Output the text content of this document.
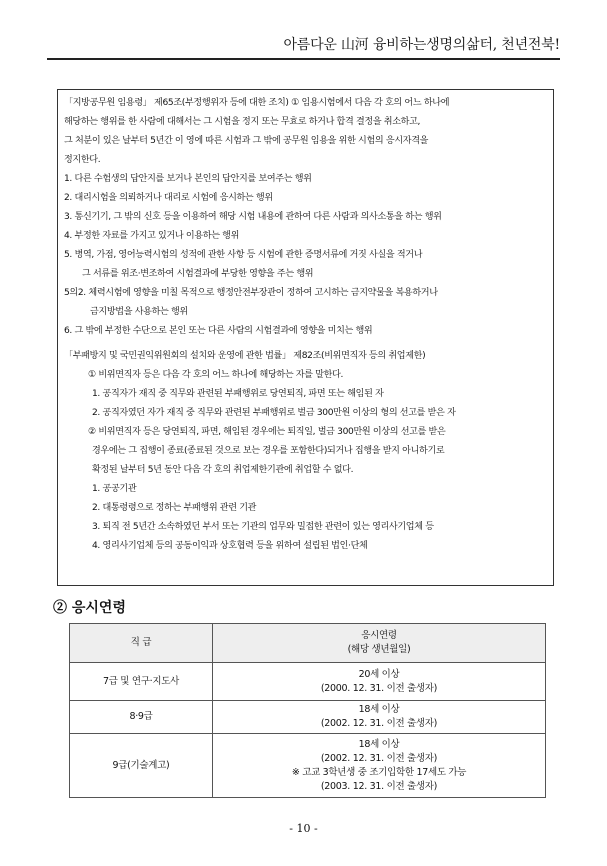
아름다운 山河 융비하는생명의삶터, 천년전북!

「지방공무원 임용령」 제65조(부정행위자 등에 대한 조치) ① 임용시험에서 다음 각 호의 어느 하나에

해당하는 행위를 한 사람에 대해서는 그 시험을 정지 또는 무효로 하거나 합격 결정을 취소하고,

그 처분이 있은 날부터 5년간 이 영에 따른 시험과 그 밖에 공무원 임용을 위한 시험의 응시자격을

정지한다.

1. 다른 수험생의 답안지를 보거나 본인의 답안지를 보여주는 행위

2. 대리시험을 의뢰하거나 대리로 시험에 응시하는 행위

3. 통신기기, 그 밖의 신호 등을 이용하여 해당 시험 내용에 관하여 다른 사람과 의사소통을 하는 행위

4. 부정한 자료를 가지고 있거나 이용하는 행위

5. 병역, 가점, 영어능력시험의 성적에 관한 사항 등 시험에 관한 증명서류에 거짓 사실을 적거나

그 서류를 위조·변조하여 시험결과에 부당한 영향을 주는 행위

5의2. 체력시험에 영향을 미칠 목적으로 행정안전부장관이 정하여 고시하는 금지약물을 복용하거나

금지방법을 사용하는 행위

6. 그 밖에 부정한 수단으로 본인 또는 다른 사람의 시험결과에 영향을 미치는 행위

「부패방지 및 국민권익위원회의 설치와 운영에 관한 법률」 제82조(비위면직자 등의 취업제한)

① 비위면직자 등은 다음 각 호의 어느 하나에 해당하는 자를 말한다.

1. 공직자가 재직 중 직무와 관련된 부패행위로 당연퇴직, 파면 또는 해임된 자

2. 공직자였던 자가 재직 중 직무와 관련된 부패행위로 벌금 300만원 이상의 형의 선고를 받은 자

② 비위면직자 등은 당연퇴직, 파면, 해임된 경우에는 퇴직일, 벌금 300만원 이상의 선고를 받은

경우에는 그 집행이 종료(종료된 것으로 보는 경우를 포함한다)되거나 집행을 받지 아니하기로

확정된 날부터 5년 동안 다음 각 호의 취업제한기관에 취업할 수 없다.

1. 공공기관

2. 대통령령으로 정하는 부패행위 관련 기관

3. 퇴직 전 5년간 소속하였던 부서 또는 기관의 업무와 밀접한 관련이 있는 영리사기업체 등

4. 영리사기업체 등의 공동이익과 상호협력 등을 위하여 설립된 법인·단체

② 응시연령
직 급	응시연령
(해당 생년월일)

7급 및 연구·지도사	20세 이상
(2000. 12. 31. 이전 출생자)

8·9급	18세 이상
(2002. 12. 31. 이전 출생자)

9급(기술계고)	18세 이상
(2002. 12. 31. 이전 출생자)
※ 고교 3학년생 중 조기입학한 17세도 가능
(2003. 12. 31. 이전 출생자)
- 10 -
